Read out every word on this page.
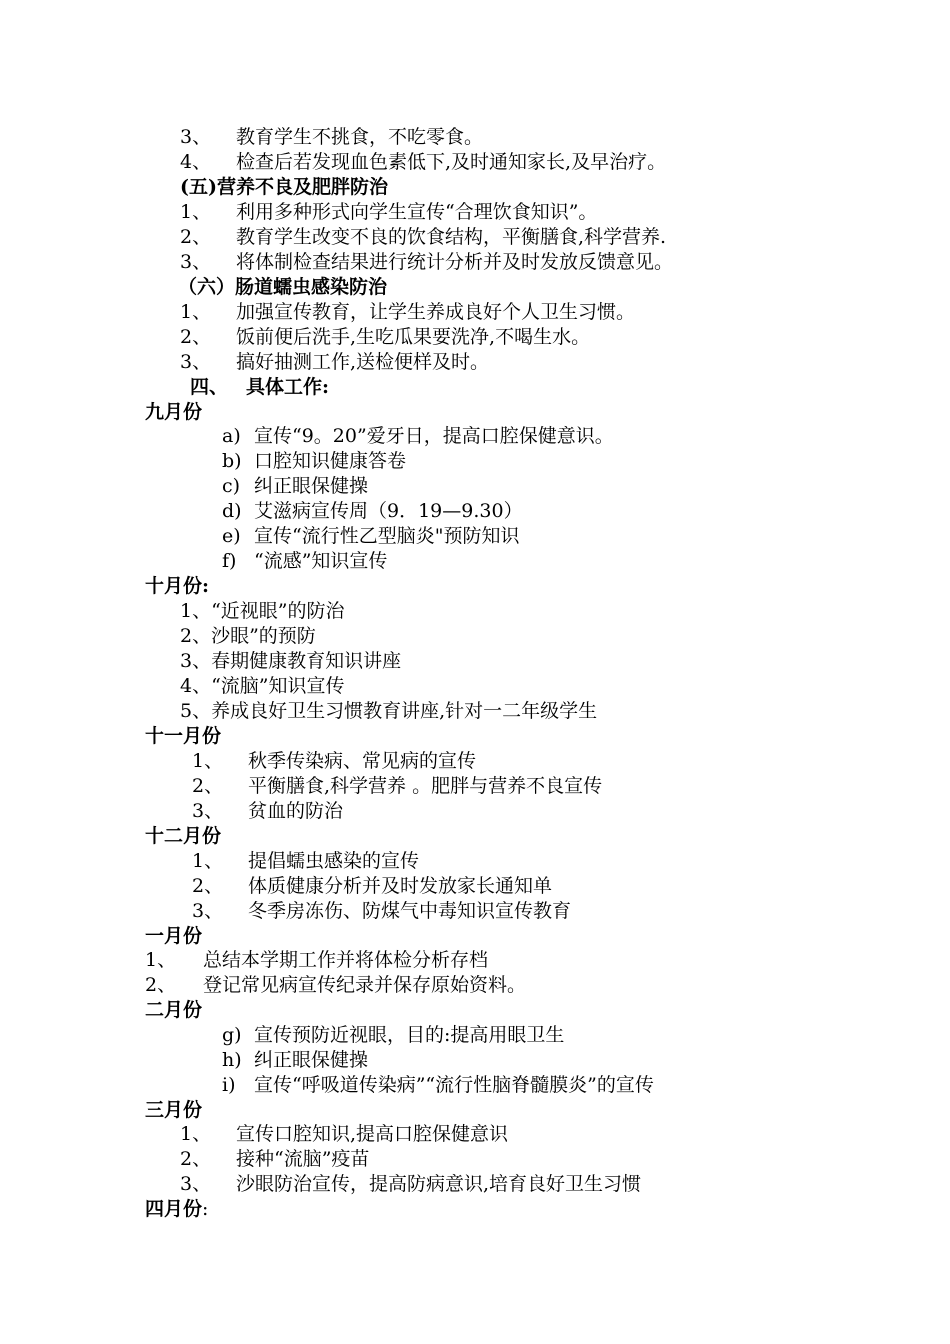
3、 教育学生不挑食，不吃零食。
4、 检查后若发现血色素低下,及时通知家长,及早治疗。
(五)营养不良及肥胖防治
1、 利用多种形式向学生宣传“合理饮食知识”。
2、 教育学生改变不良的饮食结构，平衡膳食,科学营养.
3、 将体制检查结果进行统计分析并及时发放反馈意见。
（六）肠道蠕虫感染防治
1、 加强宣传教育，让学生养成良好个人卫生习惯。
2、 饭前便后洗手,生吃瓜果要洗净,不喝生水。
3、 搞好抽测工作,送检便样及时。
四、 具体工作:
九月份
a) 宣传“9。20”爱牙日，提高口腔保健意识。
b) 口腔知识健康答卷
c) 纠正眼保健操
d) 艾滋病宣传周（9．19—9.30）
e) 宣传“流行性乙型脑炎"预防知识
f) “流感”知识宣传
十月份:
1、“近视眼”的防治
2、沙眼”的预防
3、春期健康教育知识讲座
4、“流脑”知识宣传
5、养成良好卫生习惯教育讲座,针对一二年级学生
十一月份
1、 秋季传染病、常见病的宣传
2、 平衡膳食,科学营养 。肥胖与营养不良宣传
3、 贫血的防治
十二月份
1、 提倡蠕虫感染的宣传
2、 体质健康分析并及时发放家长通知单
3、 冬季房冻伤、防煤气中毒知识宣传教育
一月份
1、 总结本学期工作并将体检分析存档
2、 登记常见病宣传纪录并保存原始资料。
二月份
g) 宣传预防近视眼，目的:提高用眼卫生
h) 纠正眼保健操
i) 宣传“呼吸道传染病”“流行性脑脊髓膜炎”的宣传
三月份
1、 宣传口腔知识,提高口腔保健意识
2、 接种“流脑”疫苗
3、 沙眼防治宣传，提高防病意识,培育良好卫生习惯
四月份:
